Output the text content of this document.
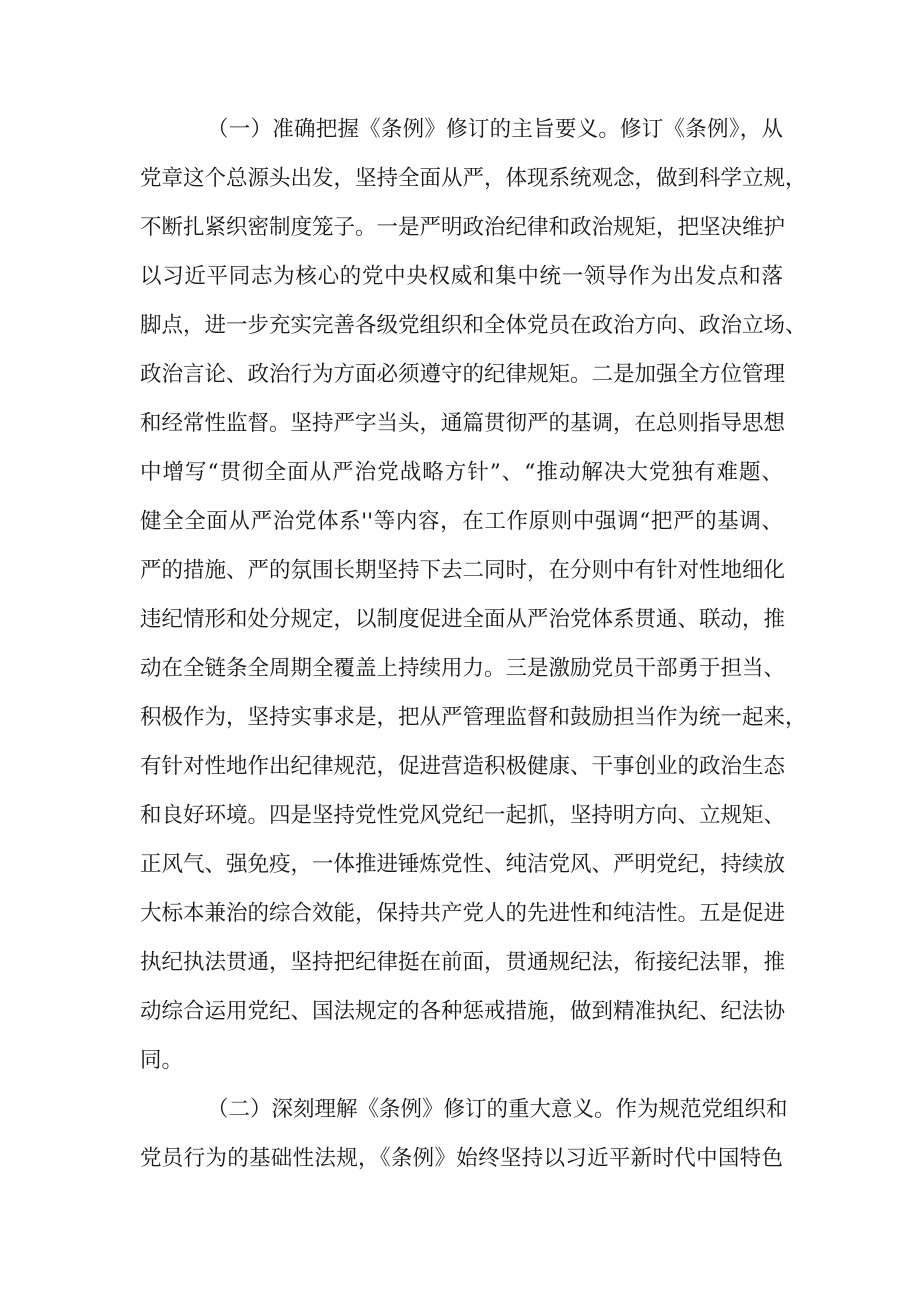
（一）准确把握《条例》修订的主旨要义。修订《条例》，从
党章这个总源头出发，坚持全面从严，体现系统观念，做到科学立规，
不断扎紧织密制度笼子。一是严明政治纪律和政治规矩，把坚决维护
以习近平同志为核心的党中央权威和集中统一领导作为出发点和落
脚点，进一步充实完善各级党组织和全体党员在政治方向、政治立场、
政治言论、政治行为方面必须遵守的纪律规矩。二是加强全方位管理
和经常性监督。坚持严字当头，通篇贯彻严的基调，在总则指导思想
中增写“贯彻全面从严治党战略方针”、“推动解决大党独有难题、
健全全面从严治党体系''等内容，在工作原则中强调“把严的基调、
严的措施、严的氛围长期坚持下去二同时，在分则中有针对性地细化
违纪情形和处分规定，以制度促进全面从严治党体系贯通、联动，推
动在全链条全周期全覆盖上持续用力。三是激励党员干部勇于担当、
积极作为，坚持实事求是，把从严管理监督和鼓励担当作为统一起来，
有针对性地作出纪律规范，促进营造积极健康、干事创业的政治生态
和良好环境。四是坚持党性党风党纪一起抓，坚持明方向、立规矩、
正风气、强免疫，一体推进锤炼党性、纯洁党风、严明党纪，持续放
大标本兼治的综合效能，保持共产党人的先进性和纯洁性。五是促进
执纪执法贯通，坚持把纪律挺在前面，贯通规纪法，衔接纪法罪，推
动综合运用党纪、国法规定的各种惩戒措施，做到精准执纪、纪法协
同。
（二）深刻理解《条例》修订的重大意义。作为规范党组织和
党员行为的基础性法规，《条例》始终坚持以习近平新时代中国特色
